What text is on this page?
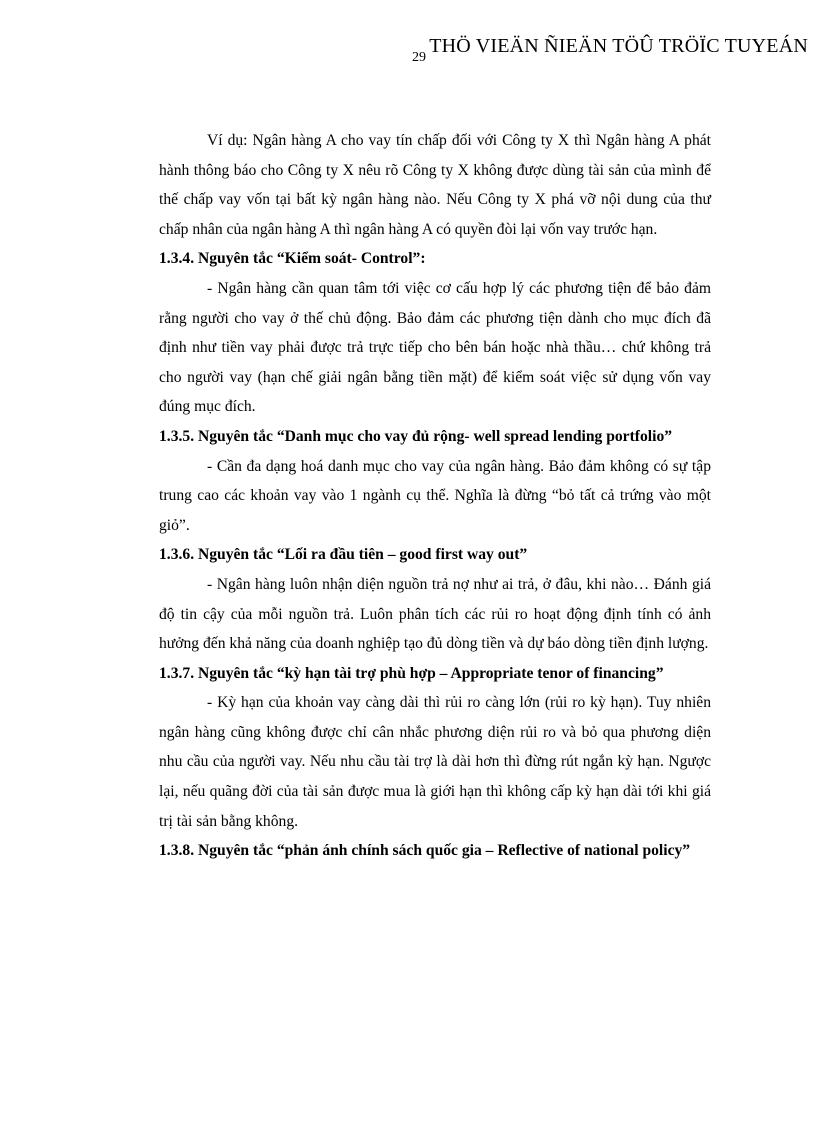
29
THÖ VIEÄN ÑIEÄN TÖÛ TRÖÏC TUYEÁN

Ví dụ: Ngân hàng A cho vay tín chấp đối với Công ty X thì Ngân hàng A phát hành thông báo cho Công ty X nêu rõ Công ty X không được dùng tài sản của mình để thế chấp vay vốn tại bất kỳ ngân hàng nào. Nếu Công ty X phá vỡ nội dung của thư chấp nhân của ngân hàng A thì ngân hàng A có quyền đòi lại vốn vay trước hạn.

1.3.4. Nguyên tắc “Kiểm soát- Control”:

- Ngân hàng cần quan tâm tới việc cơ cấu hợp lý các phương tiện để bảo đảm rằng người cho vay ở thế chủ động. Bảo đảm các phương tiện dành cho mục đích đã định như tiền vay phải được trả trực tiếp cho bên bán hoặc nhà thầu… chứ không trả cho người vay (hạn chế giải ngân bằng tiền mặt) để kiểm soát việc sử dụng vốn vay đúng mục đích.

1.3.5. Nguyên tắc “Danh mục cho vay đủ rộng- well spread lending portfolio”

- Cần đa dạng hoá danh mục cho vay của ngân hàng. Bảo đảm không có sự tập trung cao các khoản vay vào 1 ngành cụ thể. Nghĩa là đừng “bỏ tất cả trứng vào một giỏ”.

1.3.6. Nguyên tắc “Lối ra đầu tiên – good first way out”

- Ngân hàng luôn nhận diện nguồn trả nợ như ai trả, ở đâu, khi nào… Đánh giá độ tin cậy của mỗi nguồn trả. Luôn phân tích các rủi ro hoạt động định tính có ảnh hưởng đến khả năng của doanh nghiệp tạo đủ dòng tiền và dự báo dòng tiền định lượng.

1.3.7. Nguyên tắc “kỳ hạn tài trợ phù hợp – Appropriate tenor of financing”

- Kỳ hạn của khoản vay càng dài thì rủi ro càng lớn (rủi ro kỳ hạn). Tuy nhiên ngân hàng cũng không được chỉ cân nhắc phương diện rủi ro và bỏ qua phương diện nhu cầu của người vay. Nếu nhu cầu tài trợ là dài hơn thì đừng rút ngắn kỳ hạn. Ngược lại, nếu quãng đời của tài sản được mua là giới hạn thì không cấp kỳ hạn dài tới khi giá trị tài sản bằng không.

1.3.8. Nguyên tắc “phản ánh chính sách quốc gia – Reflective of national policy”
